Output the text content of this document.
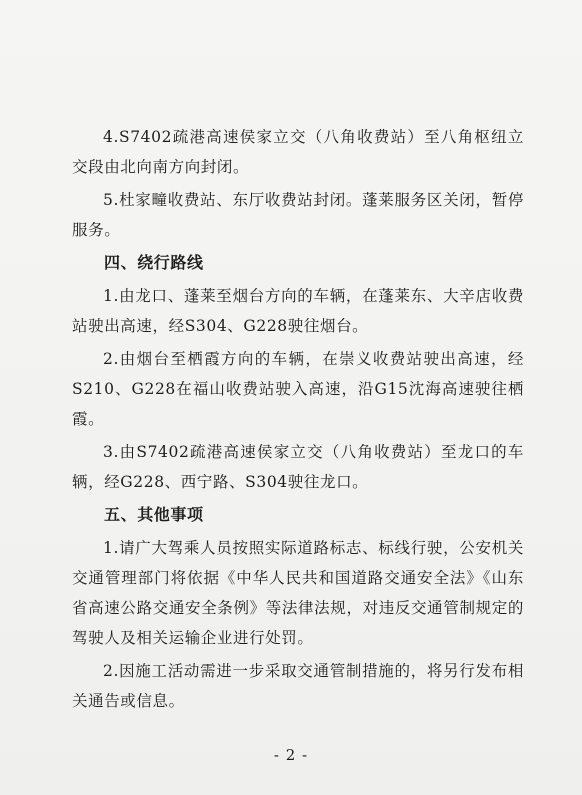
4.S7402疏港高速侯家立交（八角收费站）至八角枢纽立交段由北向南方向封闭。

5.杜家疃收费站、东厅收费站封闭。蓬莱服务区关闭，暂停服务。

四、绕行路线

1.由龙口、蓬莱至烟台方向的车辆，在蓬莱东、大辛店收费站驶出高速，经S304、G228驶往烟台。

2.由烟台至栖霞方向的车辆，在崇义收费站驶出高速，经S210、G228在福山收费站驶入高速，沿G15沈海高速驶往栖霞。

3.由S7402疏港高速侯家立交（八角收费站）至龙口的车辆，经G228、西宁路、S304驶往龙口。

五、其他事项

1.请广大驾乘人员按照实际道路标志、标线行驶，公安机关交通管理部门将依据《中华人民共和国道路交通安全法》《山东省高速公路交通安全条例》等法律法规，对违反交通管制规定的驾驶人及相关运输企业进行处罚。

2.因施工活动需进一步采取交通管制措施的，将另行发布相关通告或信息。

- 2 -
